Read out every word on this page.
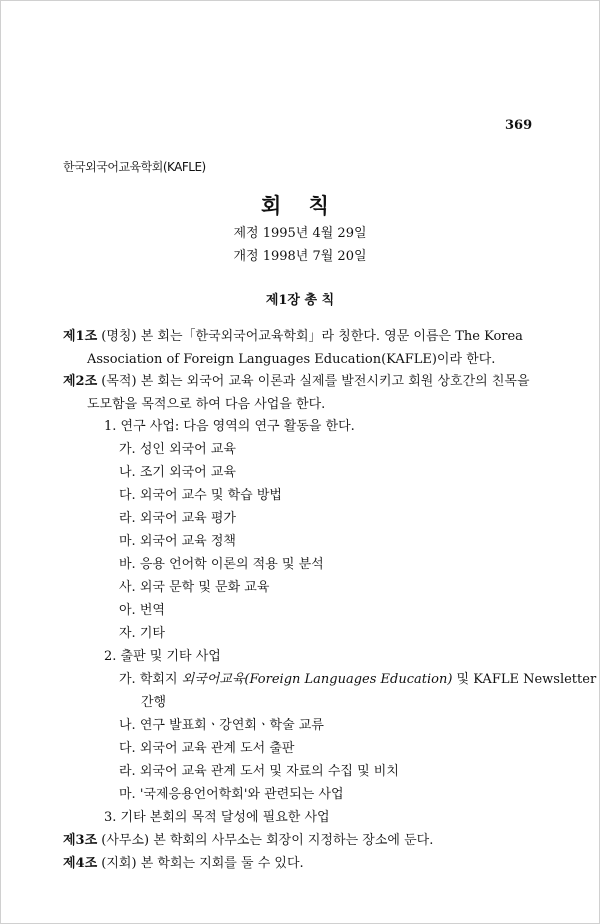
369
한국외국어교육학회(KAFLE)
회 칙
제정 1995년 4월 29일
개정 1998년 7월 20일
제1장 총 칙
제1조 (명칭) 본 회는「한국외국어교육학회」라 칭한다. 영문 이름은 The Korea
Association of Foreign Languages Education(KAFLE)이라 한다.
제2조 (목적) 본 회는 외국어 교육 이론과 실제를 발전시키고 회원 상호간의 친목을
도모함을 목적으로 하여 다음 사업을 한다.
1. 연구 사업: 다음 영역의 연구 활동을 한다.
가. 성인 외국어 교육
나. 조기 외국어 교육
다. 외국어 교수 및 학습 방법
라. 외국어 교육 평가
마. 외국어 교육 정책
바. 응용 언어학 이론의 적용 및 분석
사. 외국 문학 및 문화 교육
아. 번역
자. 기타
2. 출판 및 기타 사업
가. 학회지 외국어교육(Foreign Languages Education) 및 KAFLE Newsletter
간행
나. 연구 발표회ㆍ강연회ㆍ학술 교류
다. 외국어 교육 관계 도서 출판
라. 외국어 교육 관계 도서 및 자료의 수집 및 비치
마. '국제응용언어학회'와 관련되는 사업
3. 기타 본회의 목적 달성에 필요한 사업
제3조 (사무소) 본 학회의 사무소는 회장이 지정하는 장소에 둔다.
제4조 (지회) 본 학회는 지회를 둘 수 있다.
